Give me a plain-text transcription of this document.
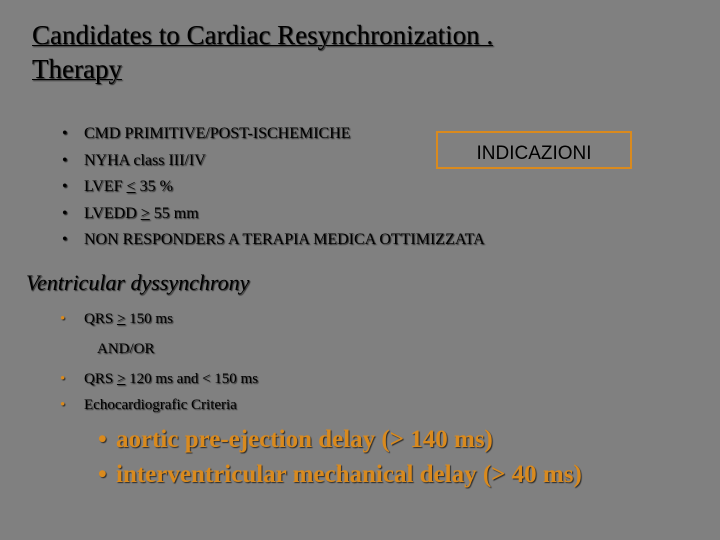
Candidates to Cardiac Resynchronization .
Therapy
• CMD PRIMITIVE/POST-ISCHEMICHE
• NYHA class III/IV
• LVEF < 35 %
• LVEDD > 55 mm
• NON RESPONDERS A TERAPIA MEDICA OTTIMIZZATA
INDICAZIONI
Ventricular dyssynchrony
• QRS > 150 ms
AND/OR
• QRS > 120 ms and < 150 ms
• Echocardiografic Criteria
• aortic pre-ejection delay (> 140 ms)
• interventricular mechanical delay (> 40 ms)
